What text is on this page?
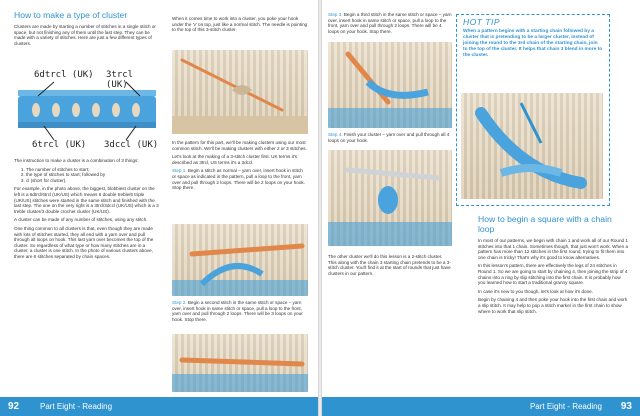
How to make a type of cluster

Clusters are made by starting a number of stitches in a single stitch or space, but not finishing any of them until the last step. They can be made with a variety of stitches. Here are just a few different types of clusters.

6dtrcl (UK) 3trcl (UK)
6trcl (UK) 3dccl (UK)

The instruction to make a cluster is a combination of 3 things:

1. The number of stitches to start;
2. the type of stitches to start; followed by
3. cl (short for cluster).

For example, in the photo above, the biggest, blobbiest cluster on the left is a 6dtrcl/6trcl (UK/US) which means 6 double treble/6 triple (UK/US) stitches were started in the same stitch and finished with the last step. The one on the very right is a 3trcl/3dccl (UK/US) which is a 3 treble cluster/3 double crochet cluster (UK/US).

A cluster can be made of any number of stitches, using any stitch.

One thing common to all clusters is that, even though they are made with lots of stitches started, they all end with a yarn over and pull through all loops on hook. This last yarn over becomes the top of the cluster. So regardless of what type or how many stitches are in a cluster, a cluster is one stitch. In the photo of various clusters above, there are 6 stitches separated by chain spaces.

When it comes time to work into a cluster, you poke your hook under the 'v' on top, just like a normal stitch. The needle is pointing to the top of this 3-stitch cluster.

In the pattern for this part, we'll be making clusters using our most common stitch. We'll be making clusters with either 2 or 3 stitches.

Let's look at the making of a 3-stitch cluster first. UK terms it's described as 3trcl, US terms it's a 3dccl.

Step 1. Begin a stitch as normal – yarn over, insert hook in stitch or space as indicated in the pattern, pull a loop to the front, yarn over and pull through 2 loops. There will be 2 loops on your hook. Stop there.

Step 2. Begin a second stitch in the same stitch or space – yarn over, insert hook in same stitch or space, pull a loop to the front, yarn over and pull through 2 loops. There will be 3 loops on your hook. Stop there.

92	Part Eight - Reading

Step 3. Begin a third stitch in the same stitch or space – yarn over, insert hook in same stitch or space, pull a loop to the front, yarn over and pull through 2 loops. There will be 4 loops on your hook. Stop there.

Step 4. Finish your cluster – yarn over and pull through all 4 loops on your hook.

The other cluster we'll do this lesson is a 2-stitch cluster. This along with the chain 3 starting chain pretends to be a 3-stitch cluster. You'll find it at the start of rounds that just have clusters in our pattern.

How to begin a square with a chain loop

In most of our patterns, we begin with chain 1 and work all of our Round 1 stitches into that 1 chain. Sometimes though, that just won't work. When a pattern has more than 12 stitches in the first round, trying to fit them into one chain is tricky! That's why it's good to know alternatives.

In this lesson's pattern, there are effectively the legs of 24 stitches in Round 1. So we are going to start by chaining 4, then joining the strip of 4 chains into a ring by slip stitching into the first chain. It is probably how you learned how to start a traditional granny square.

In case it's new to you though, let's look at how it's done.

Begin by chaining 4 and then poke your hook into the first chain and work a slip stitch. It may help to pop a stitch marker in the first chain to show where to work that slip stitch.

HOT TIP

When a pattern begins with a starting chain followed by a cluster that is pretending to be a larger cluster, instead of joining the round to the 3rd chain of the starting chain, join to the top of the cluster. It helps that chain 3 blend in more to the cluster.

Part Eight - Reading 93
